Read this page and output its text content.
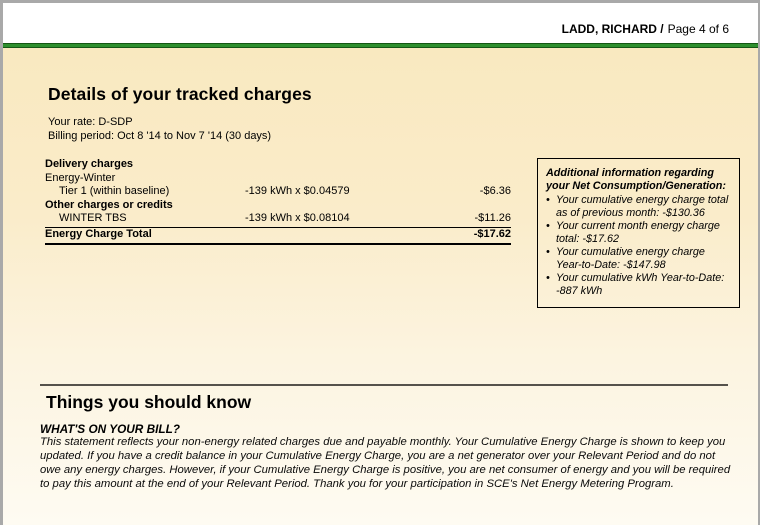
LADD, RICHARD / Page 4 of 6
Details of your tracked charges
Your rate: D-SDP
Billing period: Oct 8 '14 to Nov 7 '14 (30 days)
Delivery charges
Energy-Winter
Tier 1 (within baseline)	-139 kWh x $0.04579	-$6.36
Other charges or credits
WINTER TBS	-139 kWh x $0.08104	-$11.26
Energy Charge Total	-$17.62

Additional information regarding your Net Consumption/Generation:

• Your cumulative energy charge total as of previous month: -$130.36
• Your current month energy charge total: -$17.62
• Your cumulative energy charge Year-to-Date: -$147.98
• Your cumulative kWh Year-to-Date: -887 kWh
Things you should know
WHAT'S ON YOUR BILL?
This statement reflects your non-energy related charges due and payable monthly. Your Cumulative Energy Charge is shown to keep you updated. If you have a credit balance in your Cumulative Energy Charge, you are a net generator over your Relevant Period and do not owe any energy charges. However, if your Cumulative Energy Charge is positive, you are net consumer of energy and you will be required to pay this amount at the end of your Relevant Period. Thank you for your participation in SCE's Net Energy Metering Program.
